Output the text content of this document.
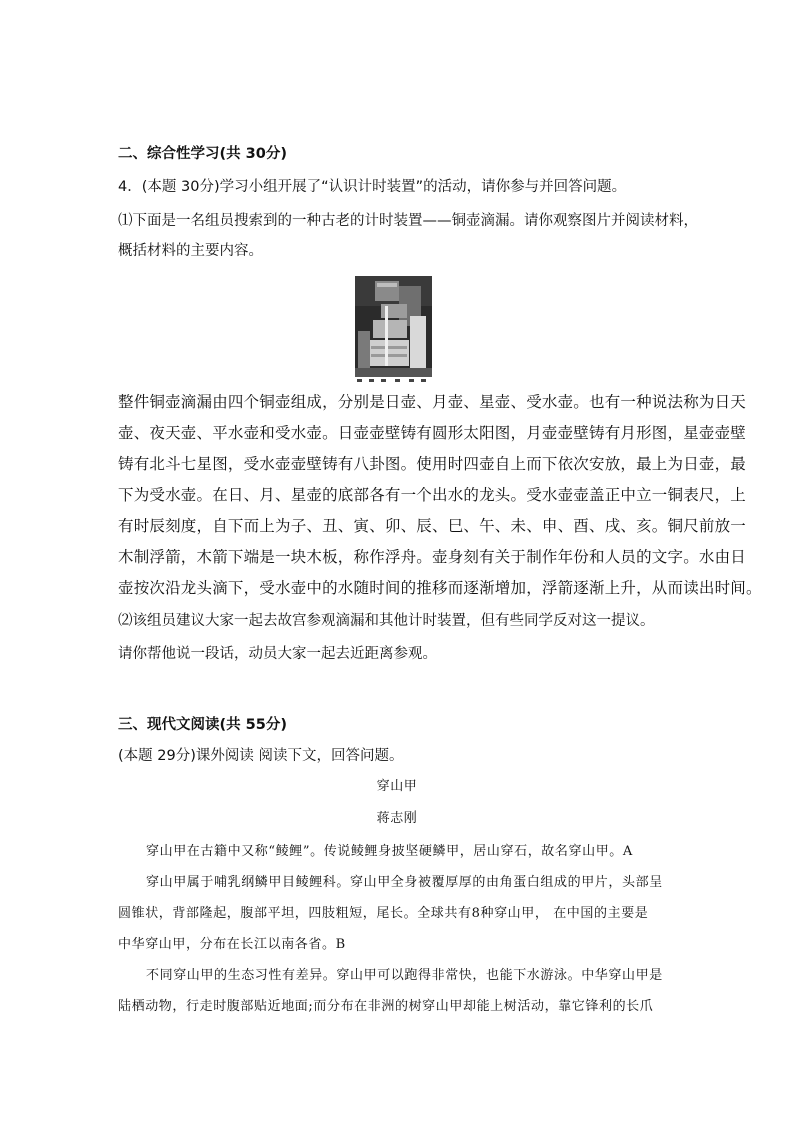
二、综合性学习(共 30分)
4．(本题 30分)学习小组开展了“认识计时装置”的活动，请你参与并回答问题。
⑴下面是一名组员搜索到的一种古老的计时装置——铜壶滴漏。请你观察图片并阅读材料，
概括材料的主要内容。
整件铜壶滴漏由四个铜壶组成，分别是日壶、月壶、星壶、受水壶。也有一种说法称为日天
壶、夜天壶、平水壶和受水壶。日壶壶壁铸有圆形太阳图，月壶壶壁铸有月形图，星壶壶壁
铸有北斗七星图，受水壶壶壁铸有八卦图。使用时四壶自上而下依次安放，最上为日壶，最
下为受水壶。在日、月、星壶的底部各有一个出水的龙头。受水壶壶盖正中立一铜表尺，上
有时辰刻度，自下而上为子、丑、寅、卯、辰、巳、午、未、申、酉、戌、亥。铜尺前放一
木制浮箭，木箭下端是一块木板，称作浮舟。壶身刻有关于制作年份和人员的文字。水由日
壶按次沿龙头滴下，受水壶中的水随时间的推移而逐渐增加，浮箭逐渐上升，从而读出时间。
⑵该组员建议大家一起去故宫参观滴漏和其他计时装置，但有些同学反对这一提议。
请你帮他说一段话，动员大家一起去近距离参观。
三、现代文阅读(共 55分)
(本题 29分)课外阅读 阅读下文，回答问题。
穿山甲
蒋志刚
穿山甲在古籍中又称“鲮鲤”。传说鲮鲤身披坚硬鳞甲，居山穿石，故名穿山甲。A
穿山甲属于哺乳纲鳞甲目鲮鲤科。穿山甲全身被覆厚厚的由角蛋白组成的甲片，头部呈
圆锥状，背部隆起，腹部平坦，四肢粗短，尾长。全球共有8种穿山甲， 在中国的主要是
中华穿山甲，分布在长江以南各省。B
不同穿山甲的生态习性有差异。穿山甲可以跑得非常快，也能下水游泳。中华穿山甲是
陆栖动物，行走时腹部贴近地面;而分布在非洲的树穿山甲却能上树活动，靠它锋利的长爪
